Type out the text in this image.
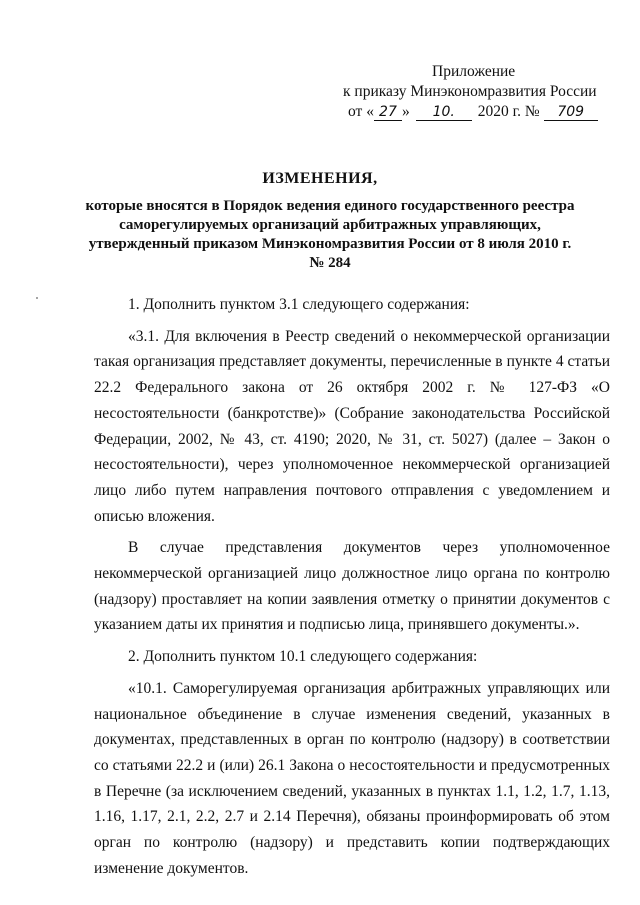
Приложение
к приказу Минэкономразвития России
от « 27 » 10. 2020 г. № 709
ИЗМЕНЕНИЯ,
которые вносятся в Порядок ведения единого государственного реестра саморегулируемых организаций арбитражных управляющих, утвержденный приказом Минэкономразвития России от 8 июля 2010 г. № 284

1. Дополнить пунктом 3.1 следующего содержания:

«3.1. Для включения в Реестр сведений о некоммерческой организации такая организация представляет документы, перечисленные в пункте 4 статьи 22.2 Федерального закона от 26 октября 2002 г. № 127-ФЗ «О несостоятельности (банкротстве)» (Собрание законодательства Российской Федерации, 2002, № 43, ст. 4190; 2020, № 31, ст. 5027) (далее – Закон о несостоятельности), через уполномоченное некоммерческой организацией лицо либо путем направления почтового отправления с уведомлением и описью вложения.

В случае представления документов через уполномоченное некоммерческой организацией лицо должностное лицо органа по контролю (надзору) проставляет на копии заявления отметку о принятии документов с указанием даты их принятия и подписью лица, принявшего документы.».

2. Дополнить пунктом 10.1 следующего содержания:

«10.1. Саморегулируемая организация арбитражных управляющих или национальное объединение в случае изменения сведений, указанных в документах, представленных в орган по контролю (надзору) в соответствии со статьями 22.2 и (или) 26.1 Закона о несостоятельности и предусмотренных в Перечне (за исключением сведений, указанных в пунктах 1.1, 1.2, 1.7, 1.13, 1.16, 1.17, 2.1, 2.2, 2.7 и 2.14 Перечня), обязаны проинформировать об этом орган по контролю (надзору) и представить копии подтверждающих изменение документов.
